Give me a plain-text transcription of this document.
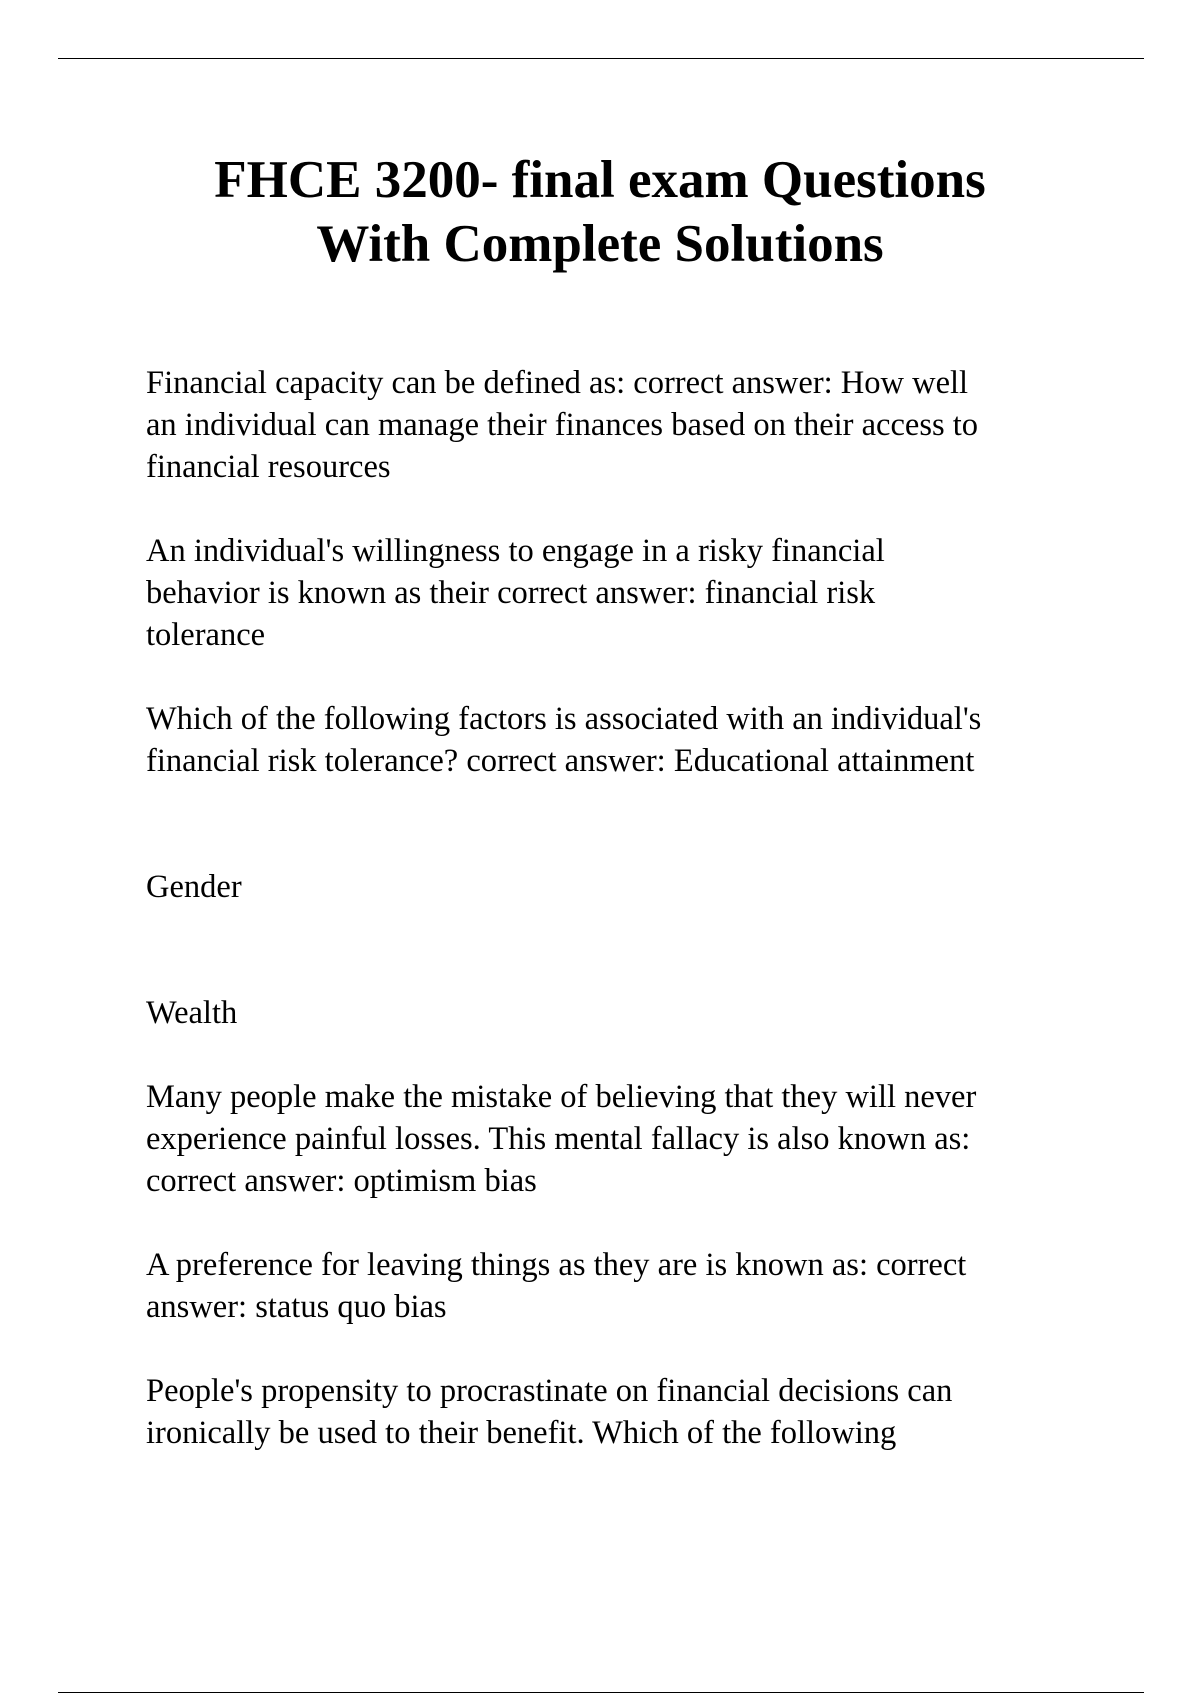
FHCE 3200- final exam Questions
With Complete Solutions

Financial capacity can be defined as: correct answer: How well
an individual can manage their finances based on their access to
financial resources

An individual's willingness to engage in a risky financial
behavior is known as their correct answer: financial risk
tolerance

Which of the following factors is associated with an individual's
financial risk tolerance? correct answer: Educational attainment

Gender

Wealth

Many people make the mistake of believing that they will never
experience painful losses. This mental fallacy is also known as:
correct answer: optimism bias

A preference for leaving things as they are is known as: correct
answer: status quo bias

People's propensity to procrastinate on financial decisions can
ironically be used to their benefit. Which of the following
